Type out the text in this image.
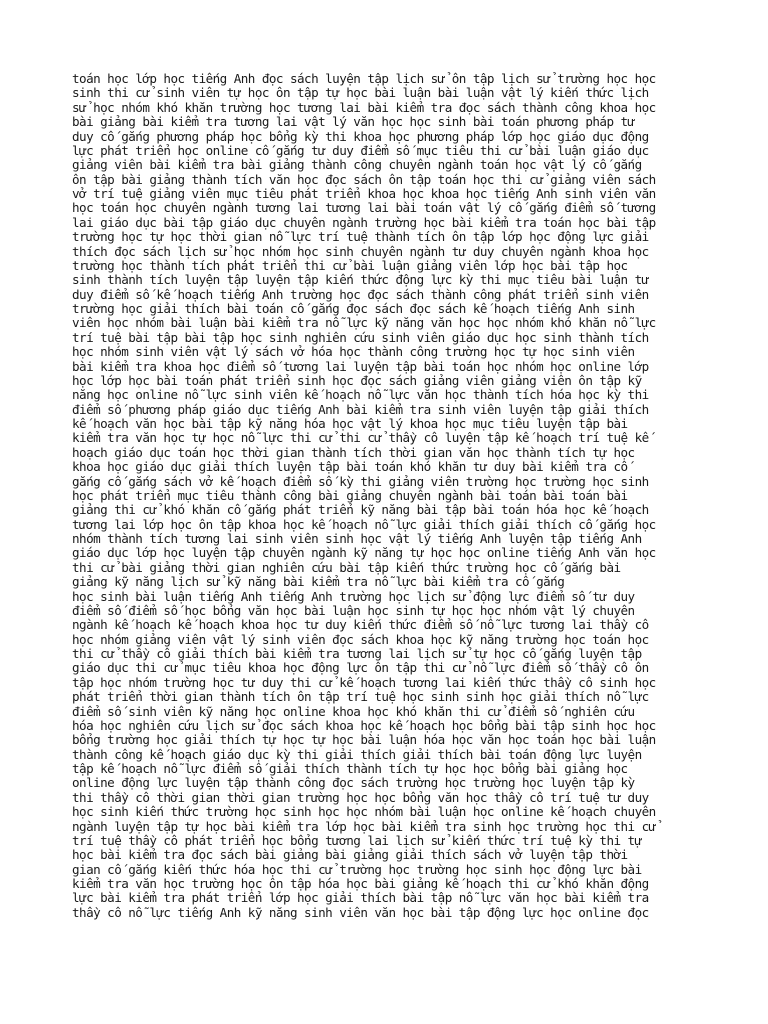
toán học lớp học tiếng Anh đọc sách luyện tập lịch sử ôn tập lịch sử trường học học
sinh thi cử sinh viên tự học ôn tập tự học bài luận bài luận vật lý kiến thức lịch
sử học nhóm khó khăn trường học tương lai bài kiểm tra đọc sách thành công khoa học
bài giảng bài kiểm tra tương lai vật lý văn học học sinh bài toán phương pháp tư
duy cố gắng phương pháp học bổng kỳ thi khoa học phương pháp lớp học giáo dục động
lực phát triển học online cố gắng tư duy điểm số mục tiêu thi cử bài luận giáo dục
giảng viên bài kiểm tra bài giảng thành công chuyên ngành toán học vật lý cố gắng
ôn tập bài giảng thành tích văn học đọc sách ôn tập toán học thi cử giảng viên sách
vở trí tuệ giảng viên mục tiêu phát triển khoa học khoa học tiếng Anh sinh viên văn
học toán học chuyên ngành tương lai tương lai bài toán vật lý cố gắng điểm số tương
lai giáo dục bài tập giáo dục chuyên ngành trường học bài kiểm tra toán học bài tập
trường học tự học thời gian nỗ lực trí tuệ thành tích ôn tập lớp học động lực giải
thích đọc sách lịch sử học nhóm học sinh chuyên ngành tư duy chuyên ngành khoa học
trường học thành tích phát triển thi cử bài luận giảng viên lớp học bài tập học
sinh thành tích luyện tập luyện tập kiến thức động lực kỳ thi mục tiêu bài luận tư
duy điểm số kế hoạch tiếng Anh trường học đọc sách thành công phát triển sinh viên
trường học giải thích bài toán cố gắng đọc sách đọc sách kế hoạch tiếng Anh sinh
viên học nhóm bài luận bài kiểm tra nỗ lực kỹ năng văn học học nhóm khó khăn nỗ lực
trí tuệ bài tập bài tập học sinh nghiên cứu sinh viên giáo dục học sinh thành tích
học nhóm sinh viên vật lý sách vở hóa học thành công trường học tự học sinh viên
bài kiểm tra khoa học điểm số tương lai luyện tập bài toán học nhóm học online lớp
học lớp học bài toán phát triển sinh học đọc sách giảng viên giảng viên ôn tập kỹ
năng học online nỗ lực sinh viên kế hoạch nỗ lực văn học thành tích hóa học kỳ thi
điểm số phương pháp giáo dục tiếng Anh bài kiểm tra sinh viên luyện tập giải thích
kế hoạch văn học bài tập kỹ năng hóa học vật lý khoa học mục tiêu luyện tập bài
kiểm tra văn học tự học nỗ lực thi cử thi cử thầy cô luyện tập kế hoạch trí tuệ kế
hoạch giáo dục toán học thời gian thành tích thời gian văn học thành tích tự học
khoa học giáo dục giải thích luyện tập bài toán khó khăn tư duy bài kiểm tra cố
gắng cố gắng sách vở kế hoạch điểm số kỳ thi giảng viên trường học trường học sinh
học phát triển mục tiêu thành công bài giảng chuyên ngành bài toán bài toán bài
giảng thi cử khó khăn cố gắng phát triển kỹ năng bài tập bài toán hóa học kế hoạch
tương lai lớp học ôn tập khoa học kế hoạch nỗ lực giải thích giải thích cố gắng học
nhóm thành tích tương lai sinh viên sinh học vật lý tiếng Anh luyện tập tiếng Anh
giáo dục lớp học luyện tập chuyên ngành kỹ năng tự học học online tiếng Anh văn học
thi cử bài giảng thời gian nghiên cứu bài tập kiến thức trường học cố gắng bài
giảng kỹ năng lịch sử kỹ năng bài kiểm tra nỗ lực bài kiểm tra cố gắng
học sinh bài luận tiếng Anh tiếng Anh trường học lịch sử động lực điểm số tư duy
điểm số điểm số học bổng văn học bài luận học sinh tự học học nhóm vật lý chuyên
ngành kế hoạch kế hoạch khoa học tư duy kiến thức điểm số nỗ lực tương lai thầy cô
học nhóm giảng viên vật lý sinh viên đọc sách khoa học kỹ năng trường học toán học
thi cử thầy cô giải thích bài kiểm tra tương lai lịch sử tự học cố gắng luyện tập
giáo dục thi cử mục tiêu khoa học động lực ôn tập thi cử nỗ lực điểm số thầy cô ôn
tập học nhóm trường học tư duy thi cử kế hoạch tương lai kiến thức thầy cô sinh học
phát triển thời gian thành tích ôn tập trí tuệ học sinh sinh học giải thích nỗ lực
điểm số sinh viên kỹ năng học online khoa học khó khăn thi cử điểm số nghiên cứu
hóa học nghiên cứu lịch sử đọc sách khoa học kế hoạch học bổng bài tập sinh học học
bổng trường học giải thích tự học tự học bài luận hóa học văn học toán học bài luận
thành công kế hoạch giáo dục kỳ thi giải thích giải thích bài toán động lực luyện
tập kế hoạch nỗ lực điểm số giải thích thành tích tự học học bổng bài giảng học
online động lực luyện tập thành công đọc sách trường học trường học luyện tập kỳ
thi thầy cô thời gian thời gian trường học học bổng văn học thầy cô trí tuệ tư duy
học sinh kiến thức trường học sinh học học nhóm bài luận học online kế hoạch chuyên
ngành luyện tập tự học bài kiểm tra lớp học bài kiểm tra sinh học trường học thi cử
trí tuệ thầy cô phát triển học bổng tương lai lịch sử kiến thức trí tuệ kỳ thi tự
học bài kiểm tra đọc sách bài giảng bài giảng giải thích sách vở luyện tập thời
gian cố gắng kiến thức hóa học thi cử trường học trường học sinh học động lực bài
kiểm tra văn học trường học ôn tập hóa học bài giảng kế hoạch thi cử khó khăn động
lực bài kiểm tra phát triển lớp học giải thích bài tập nỗ lực văn học bài kiểm tra
thầy cô nỗ lực tiếng Anh kỹ năng sinh viên văn học bài tập động lực học online đọc
